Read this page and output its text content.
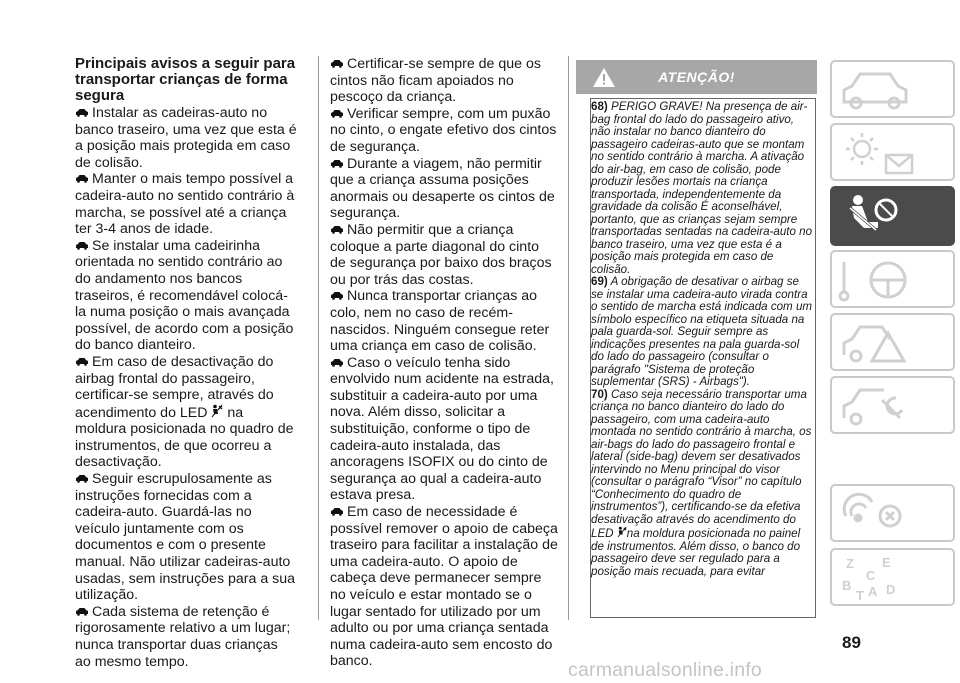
Principais avisos a seguir para transportar crianças de forma segura

Instalar as cadeiras-auto no banco traseiro, uma vez que esta é a posição mais protegida em caso de colisão.

Manter o mais tempo possível a cadeira-auto no sentido contrário à marcha, se possível até a criança ter 3-4 anos de idade.

Se instalar uma cadeirinha orientada no sentido contrário ao do andamento nos bancos traseiros, é recomendável colocá-la numa posição o mais avançada possível, de acordo com a posição do banco dianteiro.

Em caso de desactivação do airbag frontal do passageiro, certificar-se sempre, através do acendimento do LED  na moldura posicionada no quadro de instrumentos, de que ocorreu a desactivação.

Seguir escrupulosamente as instruções fornecidas com a cadeira-auto. Guardá-las no veículo juntamente com os documentos e com o presente manual. Não utilizar cadeiras-auto usadas, sem instruções para a sua utilização.

Cada sistema de retenção é rigorosamente relativo a um lugar; nunca transportar duas crianças ao mesmo tempo.

Certificar-se sempre de que os cintos não ficam apoiados no pescoço da criança.

Verificar sempre, com um puxão no cinto, o engate efetivo dos cintos de segurança.

Durante a viagem, não permitir que a criança assuma posições anormais ou desaperte os cintos de segurança.

Não permitir que a criança coloque a parte diagonal do cinto de segurança por baixo dos braços ou por trás das costas.

Nunca transportar crianças ao colo, nem no caso de recém-nascidos. Ninguém consegue reter uma criança em caso de colisão.

Caso o veículo tenha sido envolvido num acidente na estrada, substituir a cadeira-auto por uma nova. Além disso, solicitar a substituição, conforme o tipo de cadeira-auto instalada, das ancoragens ISOFIX ou do cinto de segurança ao qual a cadeira-auto estava presa.

Em caso de necessidade é possível remover o apoio de cabeça traseiro para facilitar a instalação de uma cadeira-auto. O apoio de cabeça deve permanecer sempre no veículo e estar montado se o lugar sentado for utilizado por um adulto ou por uma criança sentada numa cadeira-auto sem encosto do banco.

ATENÇÃO!

68) PERIGO GRAVE! Na presença de air-bag frontal do lado do passageiro ativo, não instalar no banco dianteiro do passageiro cadeiras-auto que se montam no sentido contrário à marcha. A ativação do air-bag, em caso de colisão, pode produzir lesões mortais na criança transportada, independentemente da gravidade da colisão É aconselhável, portanto, que as crianças sejam sempre transportadas sentadas na cadeira-auto no banco traseiro, uma vez que esta é a posição mais protegida em caso de colisão.

69) A obrigação de desativar o airbag se se instalar uma cadeira-auto virada contra o sentido de marcha está indicada com um símbolo específico na etiqueta situada na pala guarda-sol. Seguir sempre as indicações presentes na pala guarda-sol do lado do passageiro (consultar o parágrafo "Sistema de proteção suplementar (SRS) - Airbags").

70) Caso seja necessário transportar uma criança no banco dianteiro do lado do passageiro, com uma cadeira-auto montada no sentido contrário à marcha, os air-bags do lado do passageiro frontal e lateral (side-bag) devem ser desativados intervindo no Menu principal do visor (consultar o parágrafo “Visor” no capítulo “Conhecimento do quadro de instrumentos”), certificando-se da efetiva desativação através do acendimento do LED na moldura posicionada no painel de instrumentos. Além disso, o banco do passageiro deve ser regulado para a posição mais recuada, para evitar	Z
C
E
B A
T D
89
carmanualsonline.info
